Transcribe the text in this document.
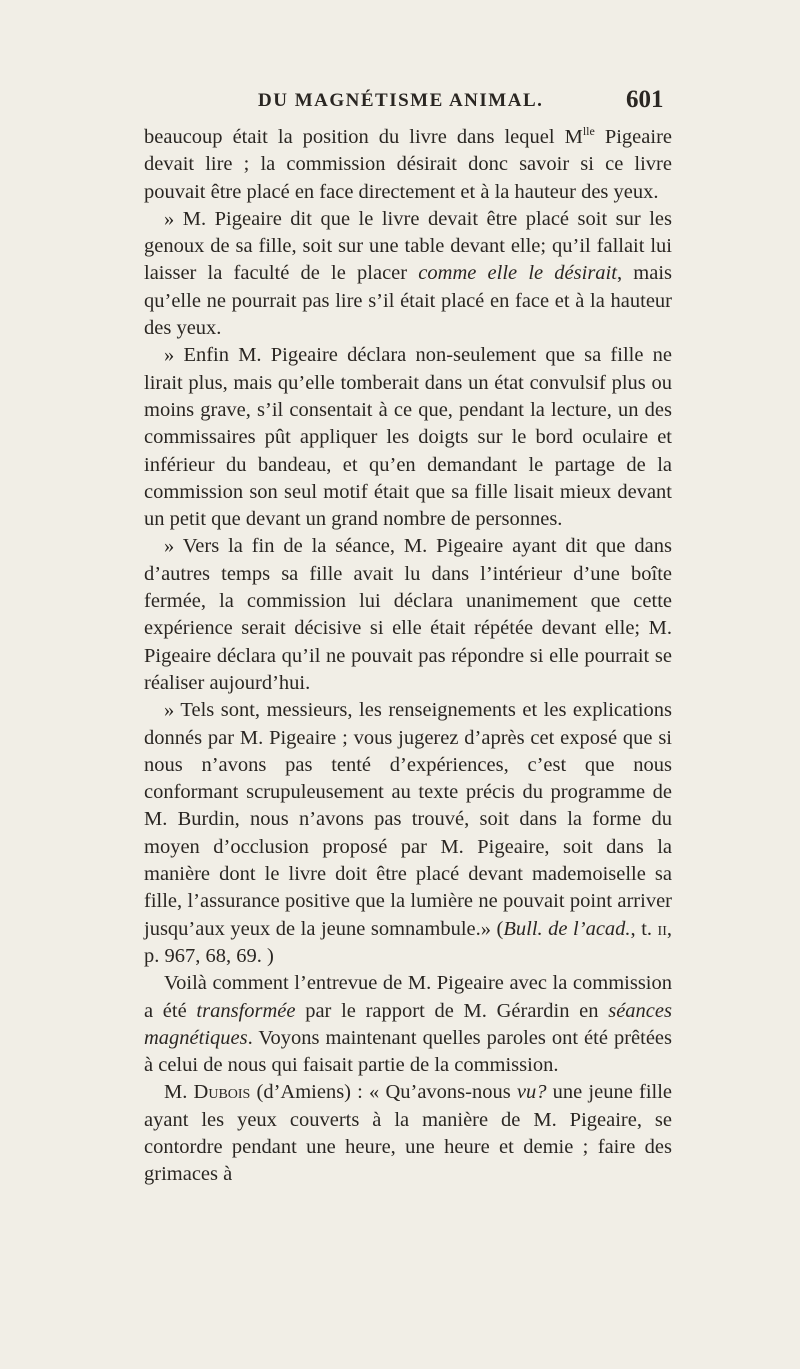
DU MAGNÉTISME ANIMAL.	601

beaucoup était la position du livre dans lequel $M^{lle}$ Pigeaire devait lire ; la commission désirait donc savoir si ce livre pouvait être placé en face directement et à la hauteur des yeux.

» M. Pigeaire dit que le livre devait être placé soit sur les genoux de sa fille, soit sur une table devant elle; qu’il fallait lui laisser la faculté de le placer comme elle le désirait, mais qu’elle ne pourrait pas lire s’il était placé en face et à la hauteur des yeux.

» Enfin M. Pigeaire déclara non-seulement que sa fille ne lirait plus, mais qu’elle tomberait dans un état convulsif plus ou moins grave, s’il consentait à ce que, pendant la lecture, un des commissaires pût appliquer les doigts sur le bord oculaire et inférieur du bandeau, et qu’en demandant le partage de la commission son seul motif était que sa fille lisait mieux devant un petit que devant un grand nombre de personnes.

» Vers la fin de la séance, M. Pigeaire ayant dit que dans d’autres temps sa fille avait lu dans l’intérieur d’une boîte fermée, la commission lui déclara unanimement que cette expérience serait décisive si elle était répétée devant elle; M. Pigeaire déclara qu’il ne pouvait pas répondre si elle pourrait se réaliser aujourd’hui.

» Tels sont, messieurs, les renseignements et les explications donnés par M. Pigeaire ; vous jugerez d’après cet exposé que si nous n’avons pas tenté d’expériences, c’est que nous conformant scrupuleusement au texte précis du programme de M. Burdin, nous n’avons pas trouvé, soit dans la forme du moyen d’occlusion proposé par M. Pigeaire, soit dans la manière dont le livre doit être placé devant mademoiselle sa fille, l’assurance positive que la lumière ne pouvait point arriver jusqu’aux yeux de la jeune somnambule.» (Bull. de l’acad., t. ii, p. 967, 68, 69. )

Voilà comment l’entrevue de M. Pigeaire avec la commission a été transformée par le rapport de M. Gérardin en séances magnétiques. Voyons maintenant quelles paroles ont été prêtées à celui de nous qui faisait partie de la commission.

M. Dubois (d’Amiens) : « Qu’avons-nous vu? une jeune fille ayant les yeux couverts à la manière de M. Pigeaire, se contordre pendant une heure, une heure et demie ; faire des grimaces à
